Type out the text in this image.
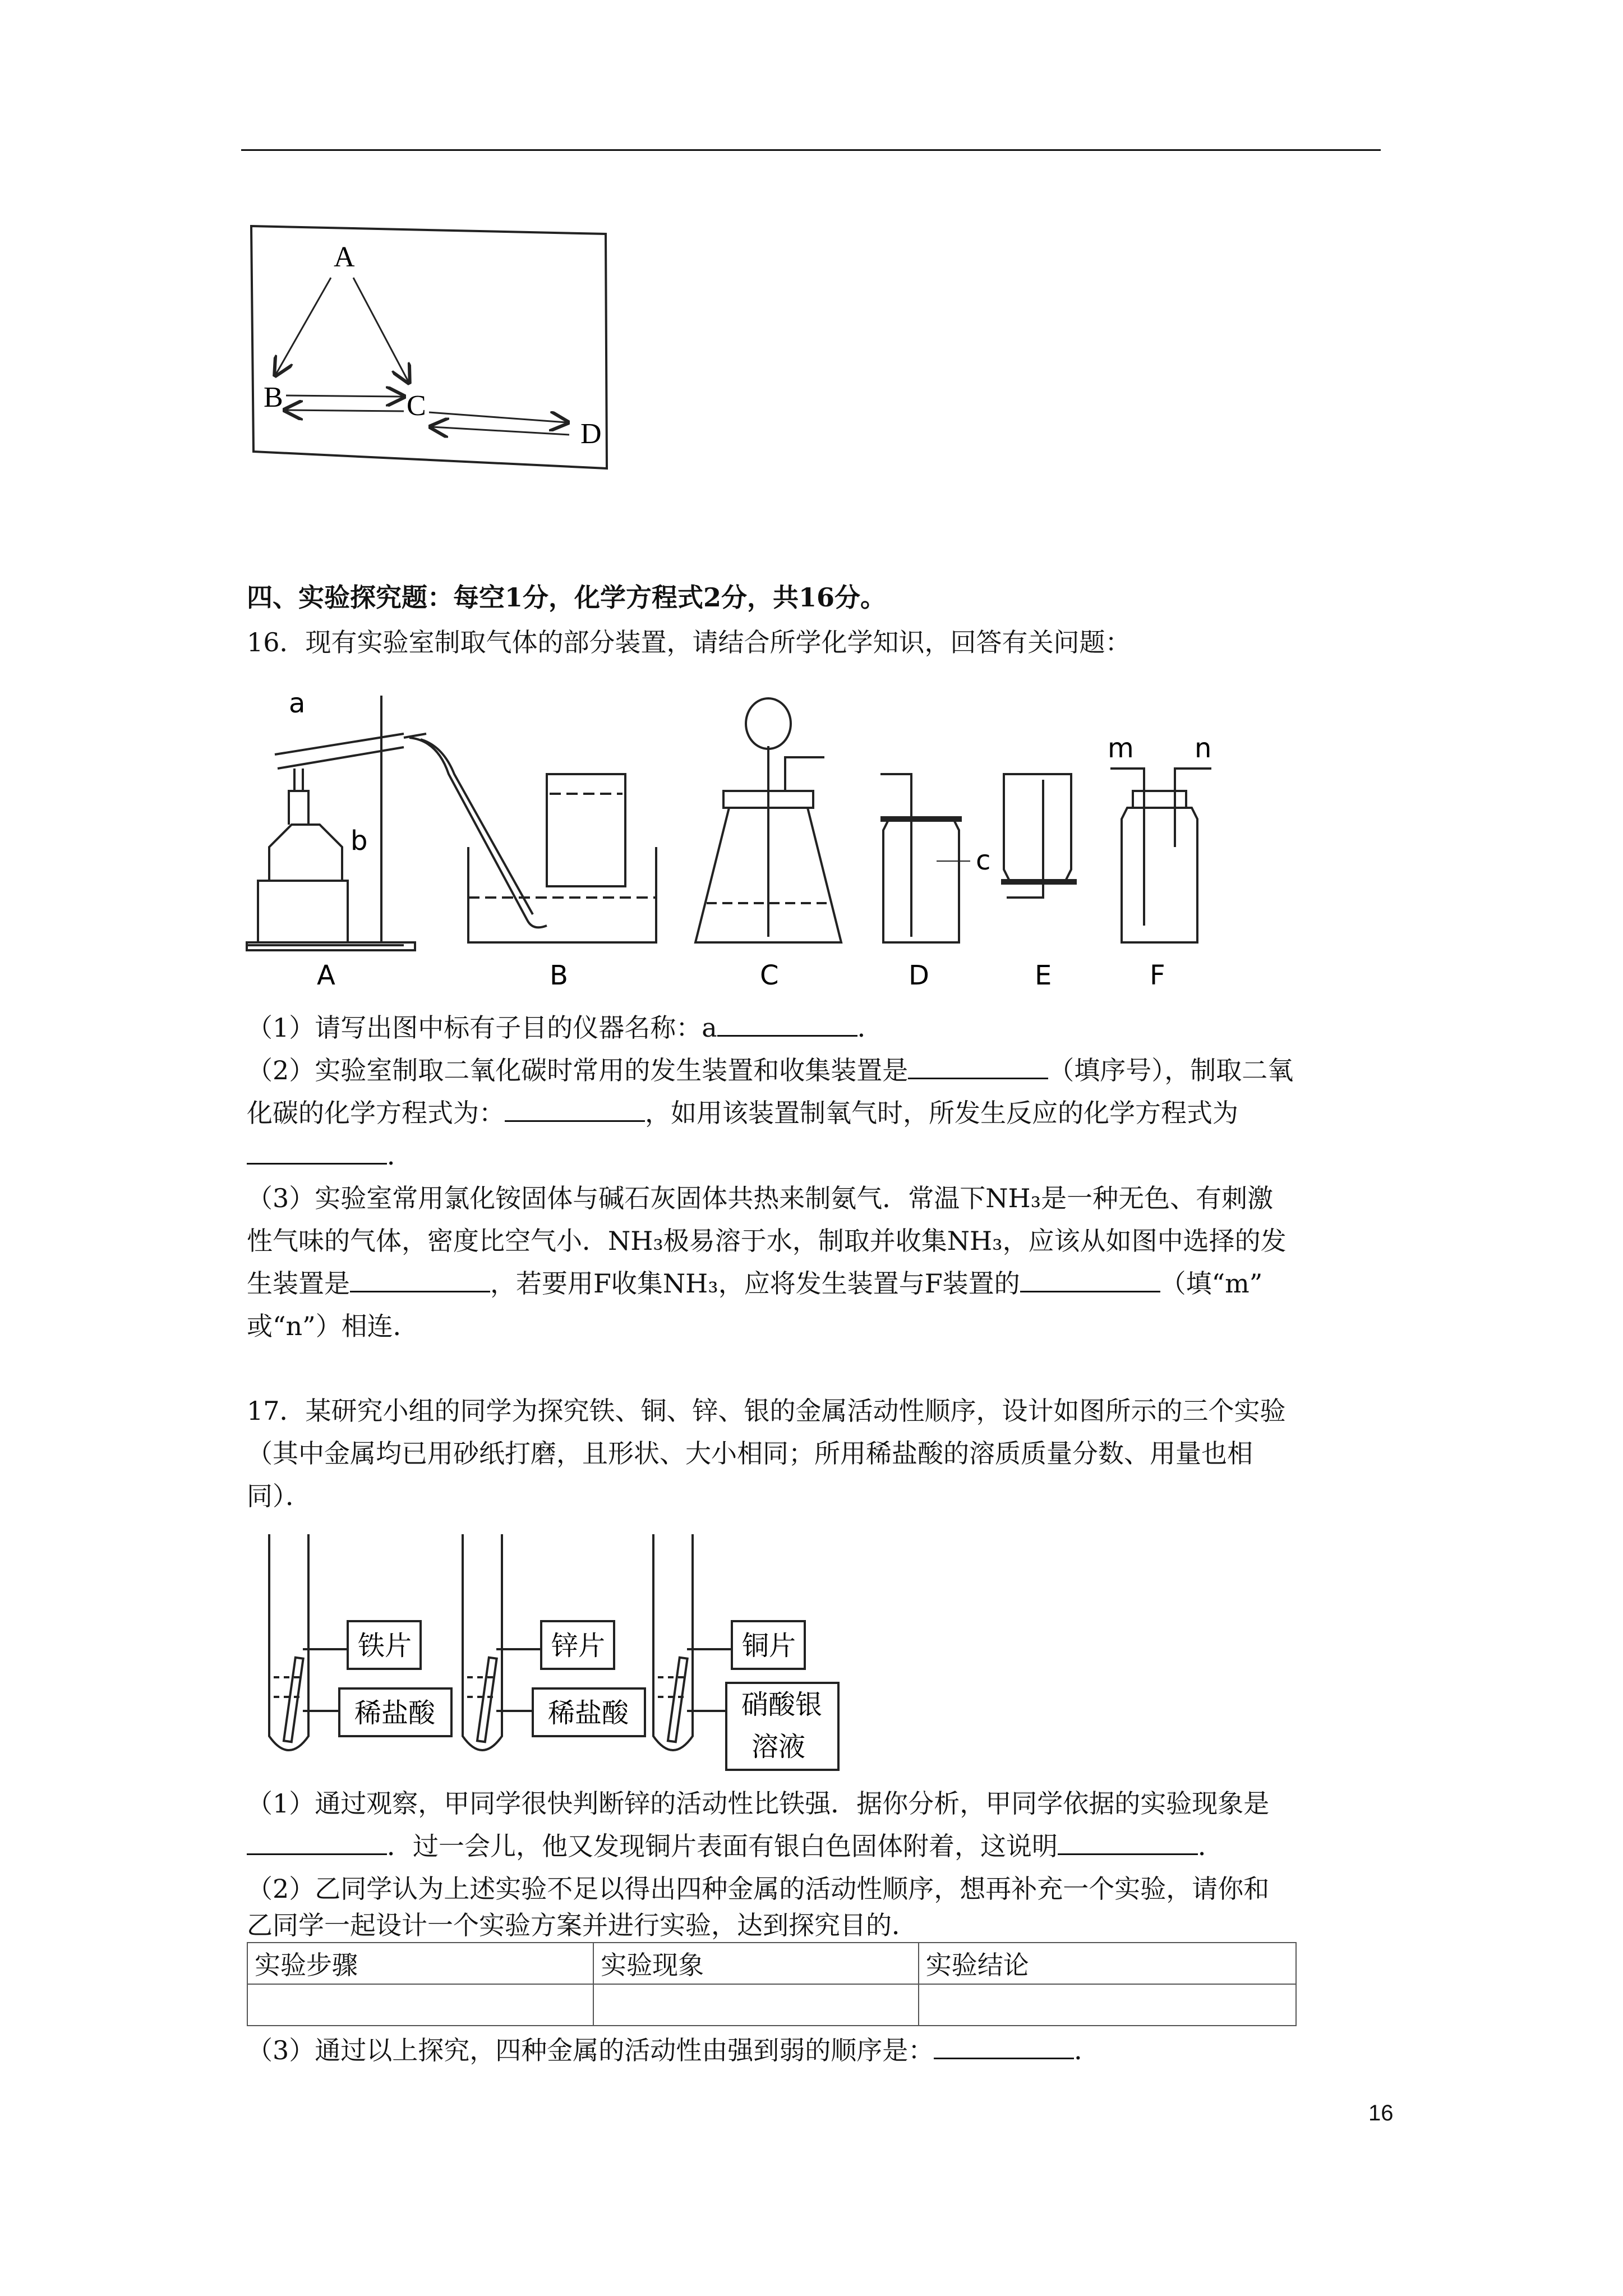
A
B	C
D
四、实验探究题：每空1分，化学方程式2分，共16分。
16．现有实验室制取气体的部分装置，请结合所学化学知识，回答有关问题：
a
b
c
m n
A	B	C	D	E	F
（1）请写出图中标有子目的仪器名称：a	．
（2）实验室制取二氧化碳时常用的发生装置和收集装置是	（填序号），制取二氧
化碳的化学方程式为：	，如用该装置制氧气时，所发生反应的化学方程式为
．
（3）实验室常用氯化铵固体与碱石灰固体共热来制氨气．常温下NH₃是一种无色、有刺激
性气味的气体，密度比空气小．NH₃极易溶于水，制取并收集NH₃，应该从如图中选择的发
生装置是	，若要用F收集NH₃，应将发生装置与F装置的	（填“m”
或“n”）相连．
17．某研究小组的同学为探究铁、铜、锌、银的金属活动性顺序，设计如图所示的三个实验
（其中金属均已用砂纸打磨，且形状、大小相同；所用稀盐酸的溶质质量分数、用量也相
同）．
铁片
稀盐酸
锌片
稀盐酸
铜片
硝酸银
溶液
（1）通过观察，甲同学很快判断锌的活动性比铁强．据你分析，甲同学依据的实验现象是
．过一会儿，他又发现铜片表面有银白色固体附着，这说明	．
（2）乙同学认为上述实验不足以得出四种金属的活动性顺序，想再补充一个实验，请你和
乙同学一起设计一个实验方案并进行实验，达到探究目的．
实验步骤	实验现象	实验结论

（3）通过以上探究，四种金属的活动性由强到弱的顺序是：	．
16
